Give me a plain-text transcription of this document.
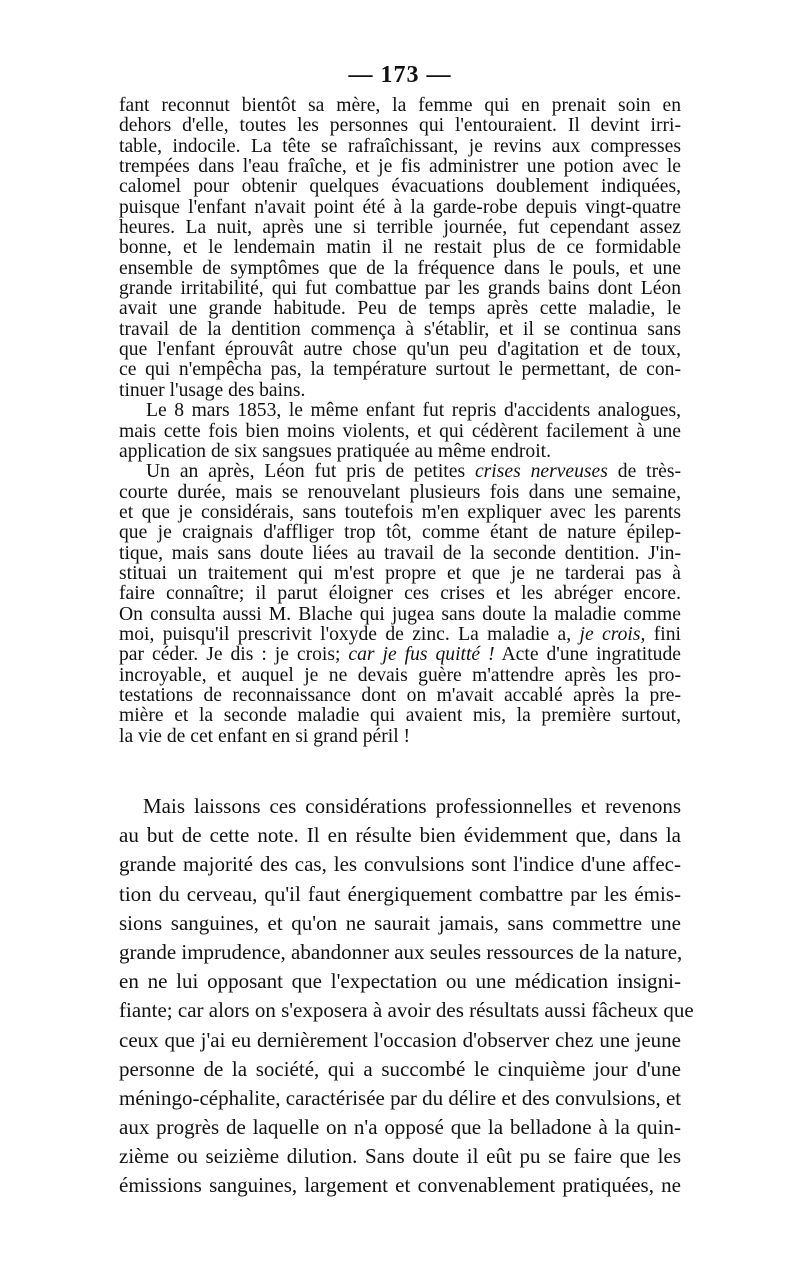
— 173 —
fant reconnut bientôt sa mère, la femme qui en prenait soin en
dehors d'elle, toutes les personnes qui l'entouraient. Il devint irri-
table, indocile. La tête se rafraîchissant, je revins aux compresses
trempées dans l'eau fraîche, et je fis administrer une potion avec le
calomel pour obtenir quelques évacuations doublement indiquées,
puisque l'enfant n'avait point été à la garde-robe depuis vingt-quatre
heures. La nuit, après une si terrible journée, fut cependant assez
bonne, et le lendemain matin il ne restait plus de ce formidable
ensemble de symptômes que de la fréquence dans le pouls, et une
grande irritabilité, qui fut combattue par les grands bains dont Léon
avait une grande habitude. Peu de temps après cette maladie, le
travail de la dentition commença à s'établir, et il se continua sans
que l'enfant éprouvât autre chose qu'un peu d'agitation et de toux,
ce qui n'empêcha pas, la température surtout le permettant, de con-
tinuer l'usage des bains.
Le 8 mars 1853, le même enfant fut repris d'accidents analogues,
mais cette fois bien moins violents, et qui cédèrent facilement à une
application de six sangsues pratiquée au même endroit.
Un an après, Léon fut pris de petites crises nerveuses de très-
courte durée, mais se renouvelant plusieurs fois dans une semaine,
et que je considérais, sans toutefois m'en expliquer avec les parents
que je craignais d'affliger trop tôt, comme étant de nature épilep-
tique, mais sans doute liées au travail de la seconde dentition. J'in-
stituai un traitement qui m'est propre et que je ne tarderai pas à
faire connaître; il parut éloigner ces crises et les abréger encore.
On consulta aussi M. Blache qui jugea sans doute la maladie comme
moi, puisqu'il prescrivit l'oxyde de zinc. La maladie a, je crois, fini
par céder. Je dis : je crois; car je fus quitté ! Acte d'une ingratitude
incroyable, et auquel je ne devais guère m'attendre après les pro-
testations de reconnaissance dont on m'avait accablé après la pre-
mière et la seconde maladie qui avaient mis, la première surtout,
la vie de cet enfant en si grand péril !
Mais laissons ces considérations professionnelles et revenons
au but de cette note. Il en résulte bien évidemment que, dans la
grande majorité des cas, les convulsions sont l'indice d'une affec-
tion du cerveau, qu'il faut énergiquement combattre par les émis-
sions sanguines, et qu'on ne saurait jamais, sans commettre une
grande imprudence, abandonner aux seules ressources de la nature,
en ne lui opposant que l'expectation ou une médication insigni-
fiante; car alors on s'exposera à avoir des résultats aussi fâcheux que
ceux que j'ai eu dernièrement l'occasion d'observer chez une jeune
personne de la société, qui a succombé le cinquième jour d'une
méningo-céphalite, caractérisée par du délire et des convulsions, et
aux progrès de laquelle on n'a opposé que la belladone à la quin-
zième ou seizième dilution. Sans doute il eût pu se faire que les
émissions sanguines, largement et convenablement pratiquées, ne
